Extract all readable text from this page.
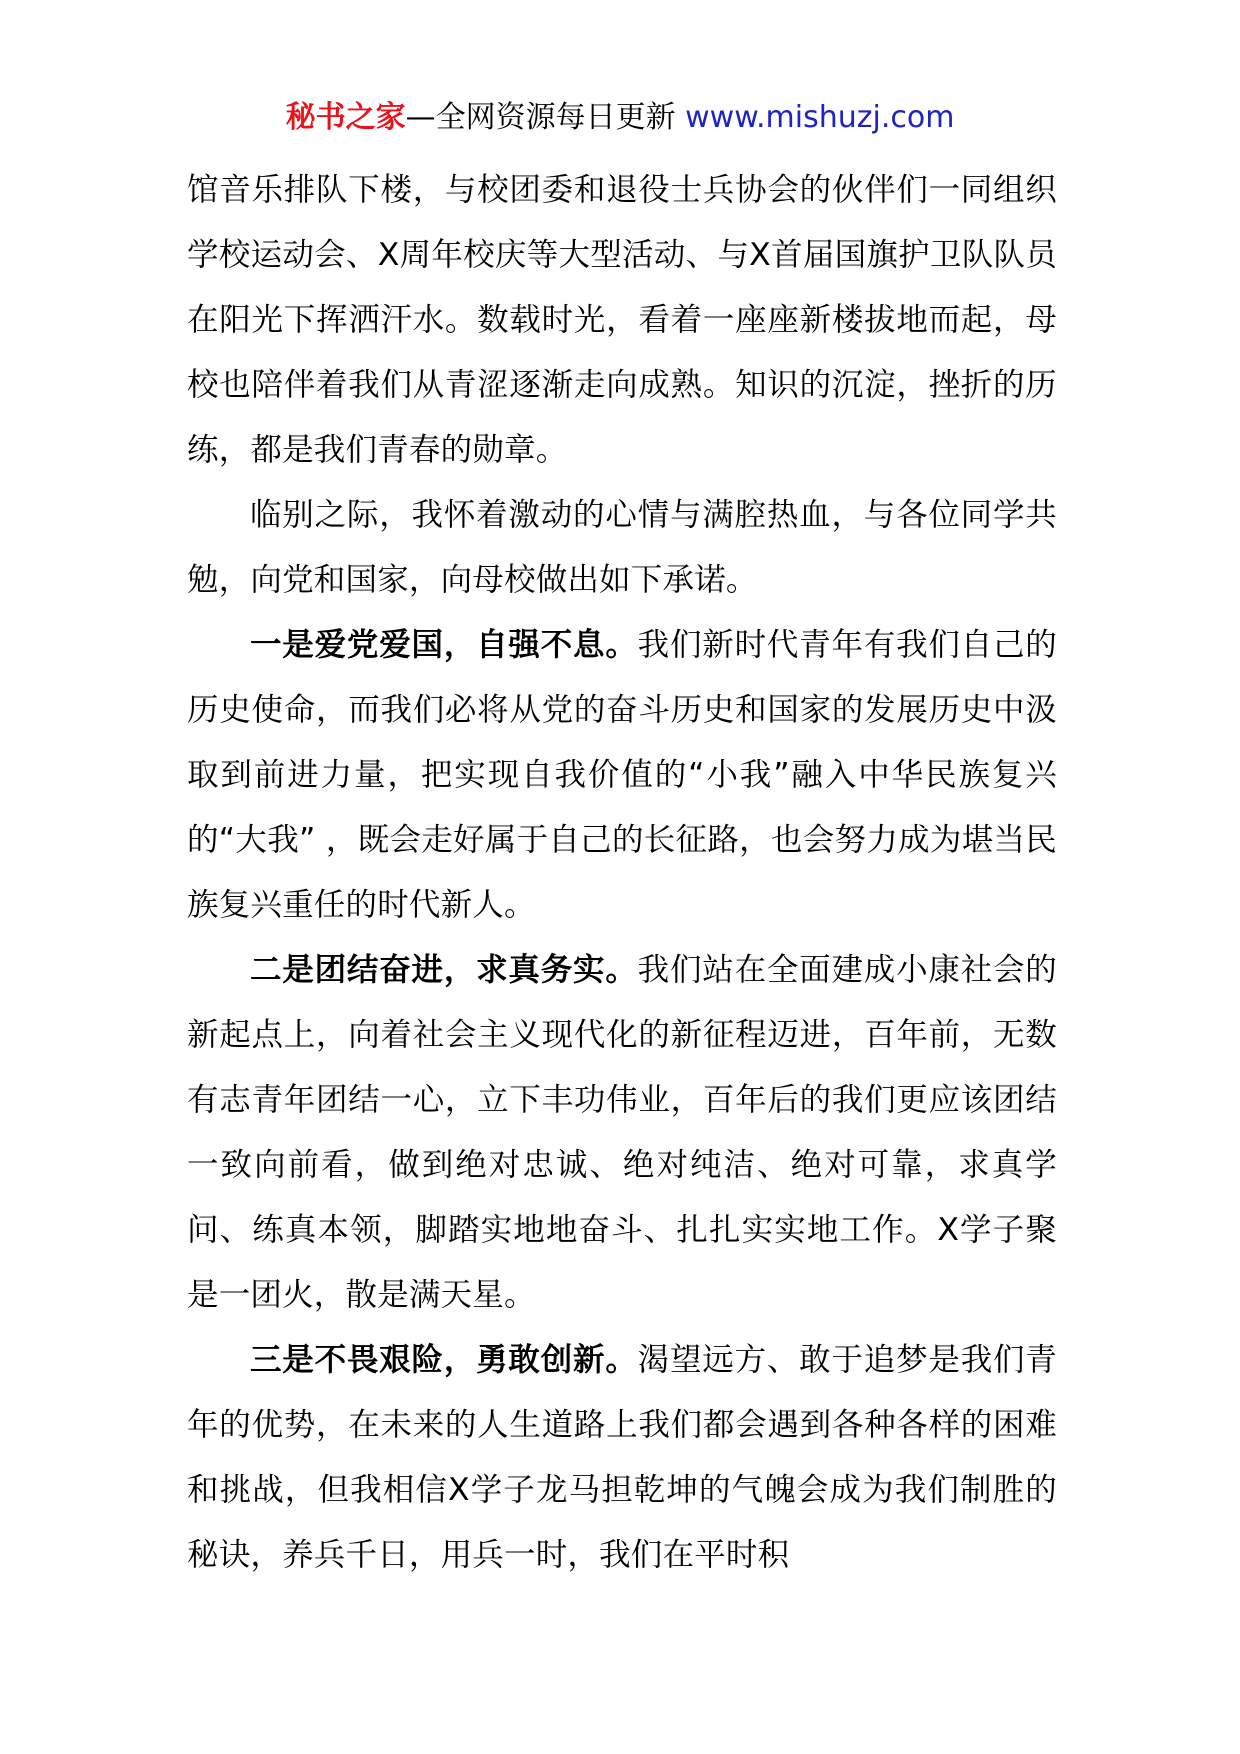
秘书之家—全网资源每日更新 www.mishuzj.com

馆音乐排队下楼，与校团委和退役士兵协会的伙伴们一同组织学校运动会、X周年校庆等大型活动、与X首届国旗护卫队队员在阳光下挥洒汗水。数载时光，看着一座座新楼拔地而起，母校也陪伴着我们从青涩逐渐走向成熟。知识的沉淀，挫折的历练，都是我们青春的勋章。

临别之际，我怀着激动的心情与满腔热血，与各位同学共勉，向党和国家，向母校做出如下承诺。

一是爱党爱国，自强不息。我们新时代青年有我们自己的历史使命，而我们必将从党的奋斗历史和国家的发展历史中汲取到前进力量，把实现自我价值的“小我”融入中华民族复兴的“大我” ，既会走好属于自己的长征路，也会努力成为堪当民族复兴重任的时代新人。

二是团结奋进，求真务实。我们站在全面建成小康社会的新起点上，向着社会主义现代化的新征程迈进，百年前，无数有志青年团结一心，立下丰功伟业，百年后的我们更应该团结一致向前看，做到绝对忠诚、绝对纯洁、绝对可靠，求真学问、练真本领，脚踏实地地奋斗、扎扎实实地工作。X学子聚是一团火，散是满天星。

三是不畏艰险，勇敢创新。渴望远方、敢于追梦是我们青年的优势，在未来的人生道路上我们都会遇到各种各样的困难和挑战，但我相信X学子龙马担乾坤的气魄会成为我们制胜的秘诀，养兵千日，用兵一时，我们在平时积
